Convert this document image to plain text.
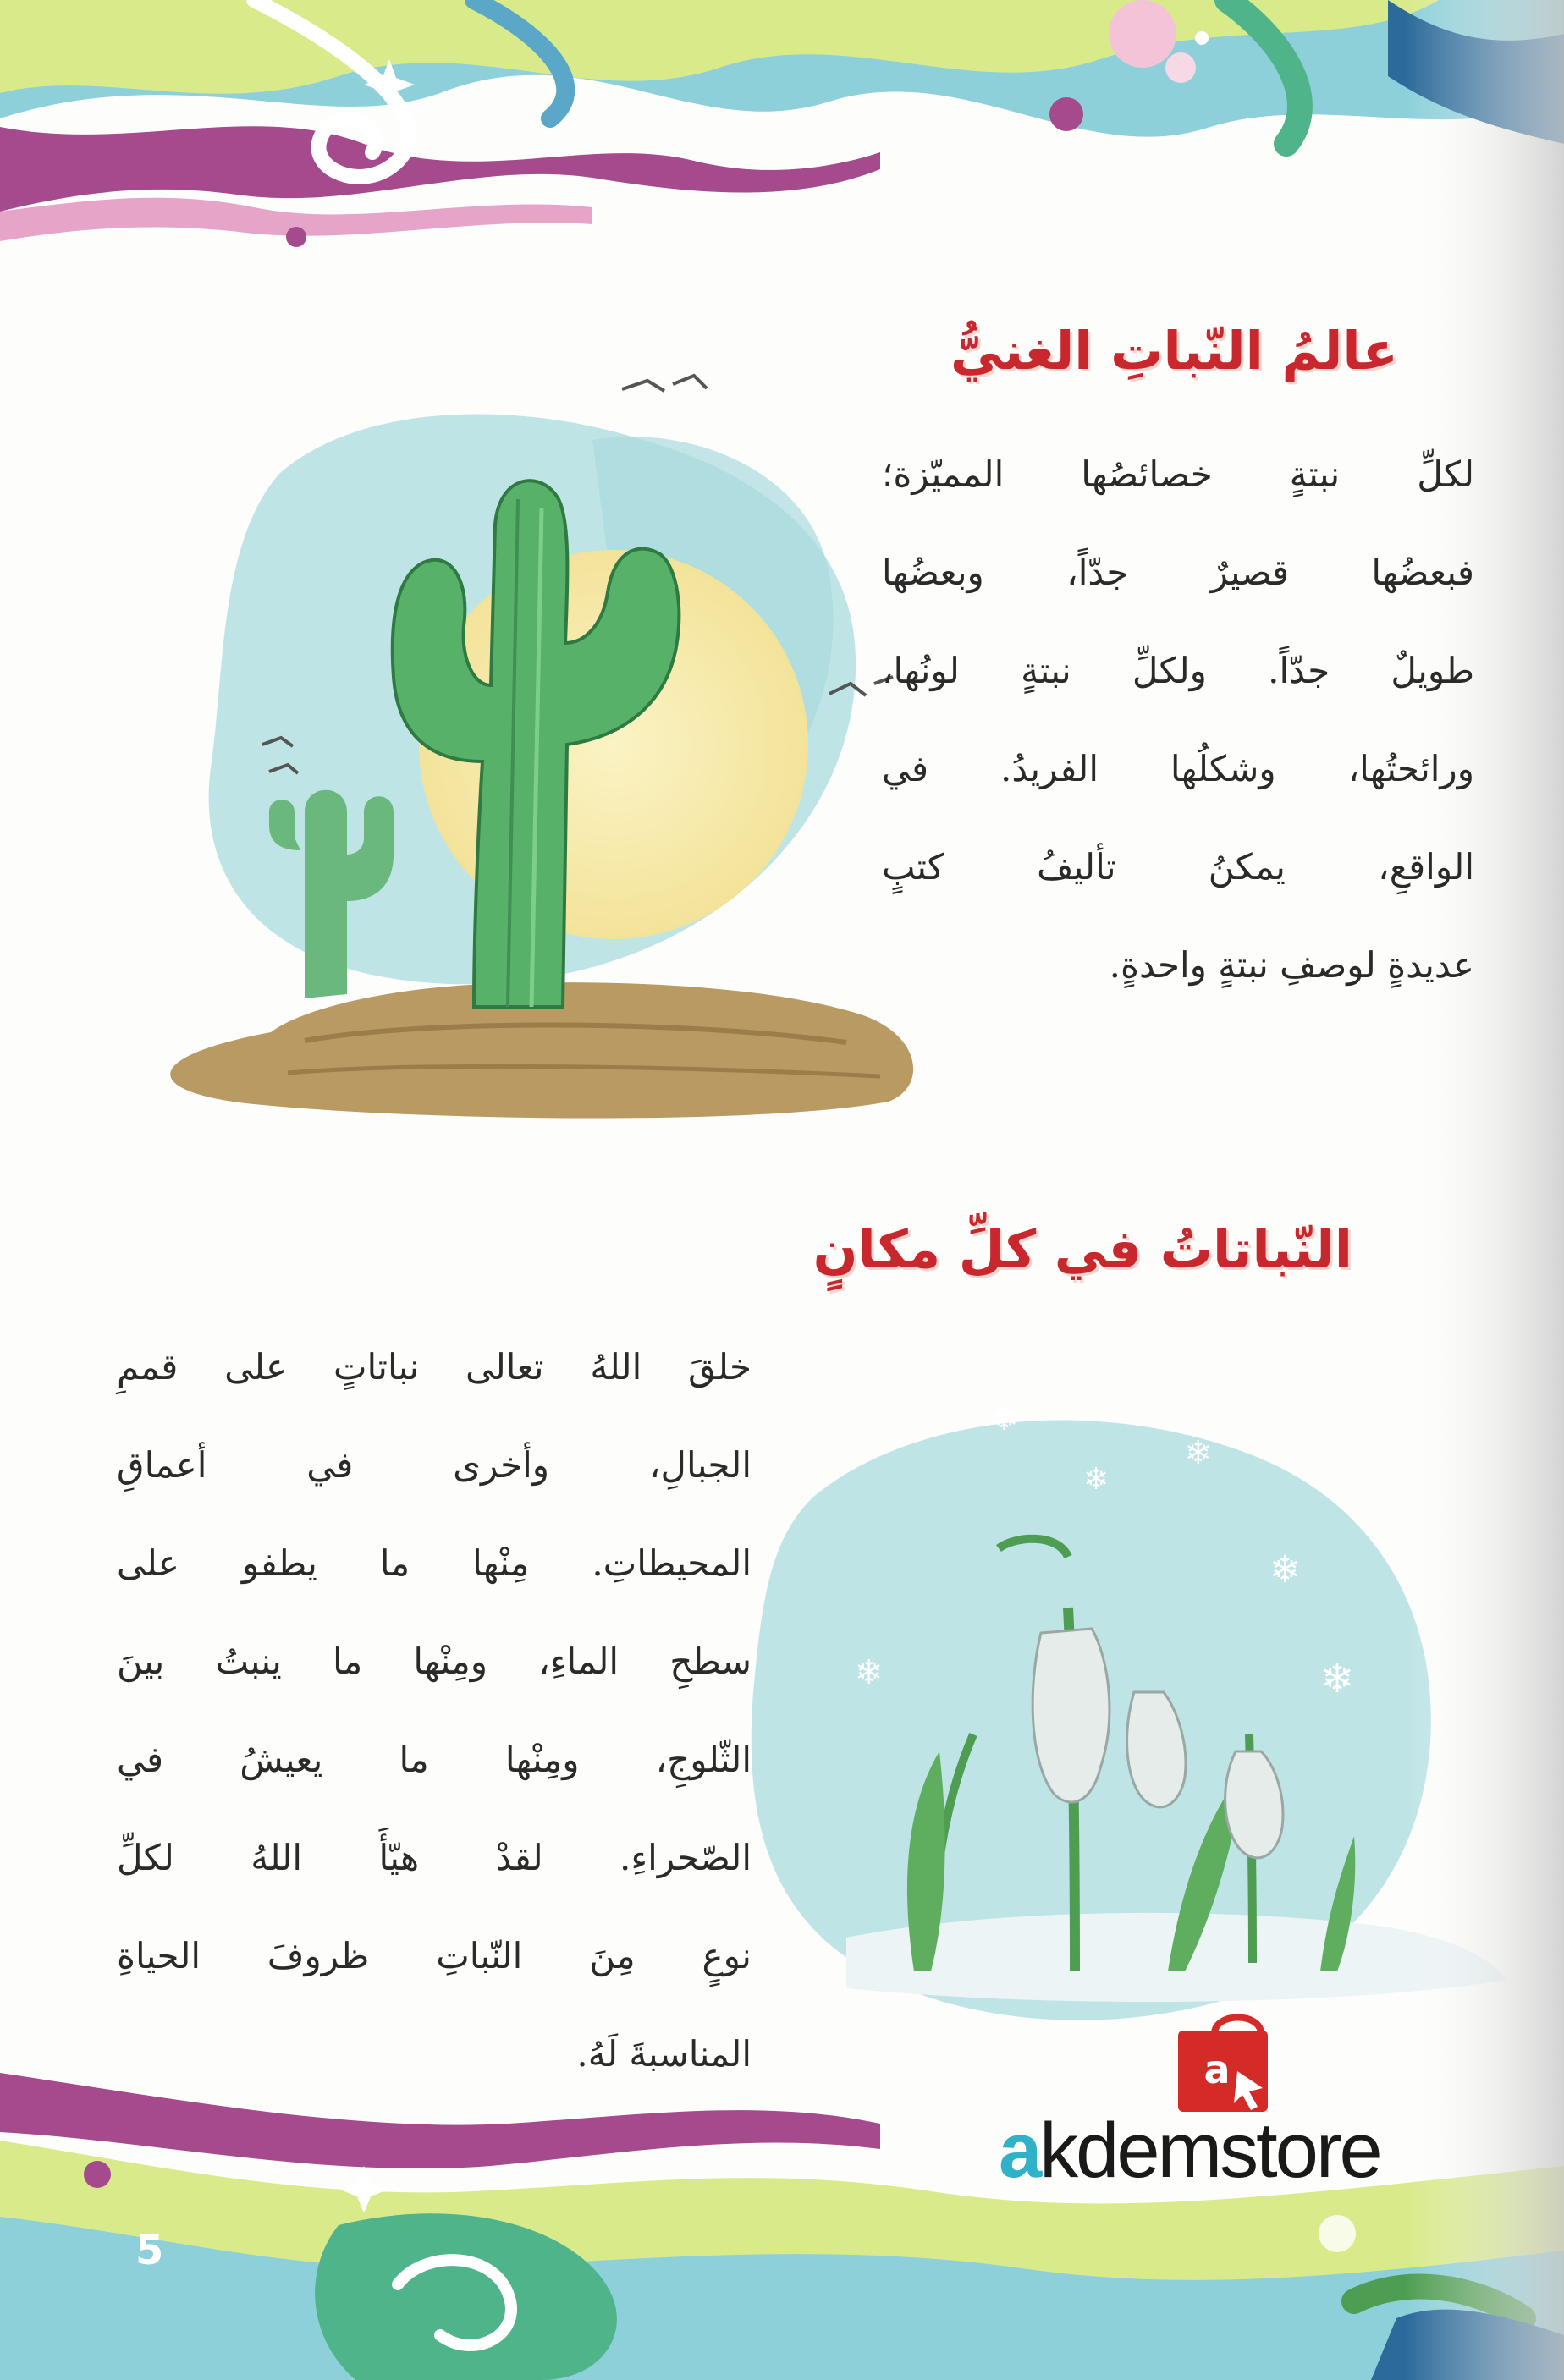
❄
❄
❄
❄
❄	❄
a
عالمُ النّباتِ الغنيُّ
النّباتاتُ في كلِّ مكانٍ
لكلِّ نبتةٍ خصائصُها المميّزة؛
فبعضُها قصيرٌ جدّاً، وبعضُها
طويلٌ جدّاً. ولكلِّ نبتةٍ لونُها،
ورائحتُها، وشكلُها الفريدُ. في
الواقعِ، يمكنُ تأليفُ كتبٍ
عديدةٍ لوصفِ نبتةٍ واحدةٍ.
خلقَ اللهُ تعالى نباتاتٍ على قممِ
الجبالِ، وأخرى في أعماقِ
المحيطاتِ. مِنْها ما يطفو على
سطحِ الماءِ، ومِنْها ما ينبتُ بينَ
الثّلوجِ، ومِنْها ما يعيشُ في
الصّحراءِ. لقدْ هيّأَ اللهُ لكلِّ
نوعٍ مِنَ النّباتِ ظروفَ الحياةِ
المناسبةَ لَهُ.
5
akdemstore
